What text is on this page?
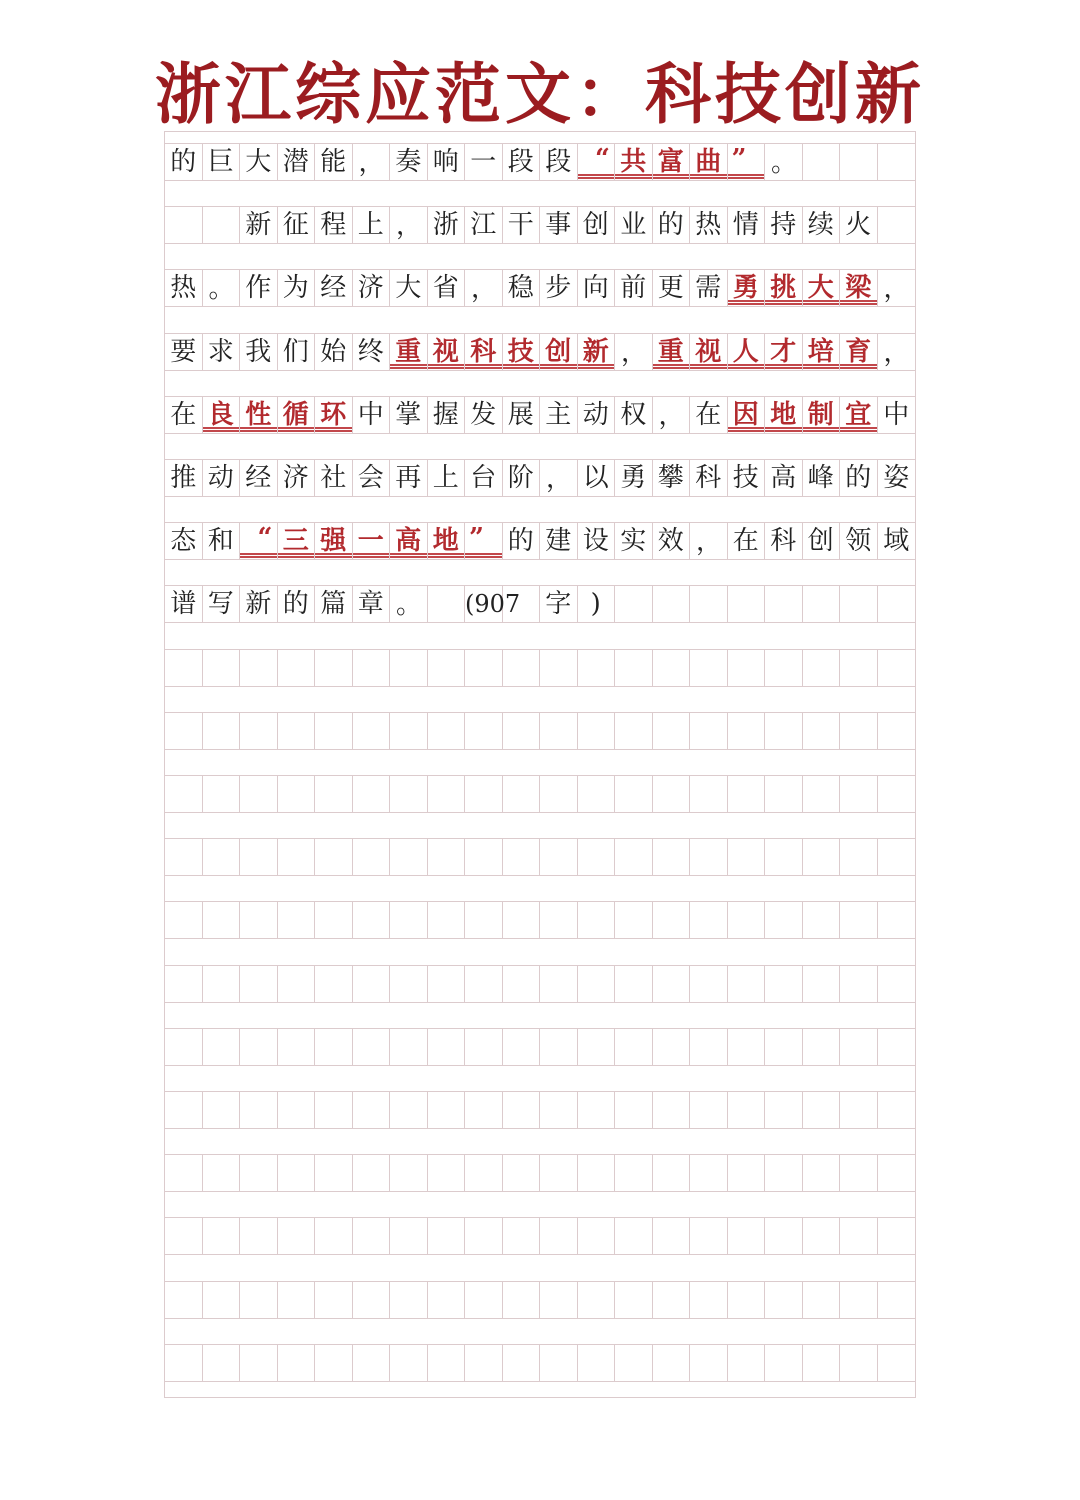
浙江综应范文：科技创新
的 巨 大 潜 能 ， 奏 响 一 段 段 “ 共 富 曲 ” 。
新 征 程 上 ， 浙 江 干 事 创 业 的 热 情 持 续 火
热 。 作 为 经 济 大 省 ， 稳 步 向 前 更 需 勇 挑 大 梁 ，
要 求 我 们 始 终 重 视 科 技 创 新 ， 重 视 人 才 培 育 ，
在 良 性 循 环 中 掌 握 发 展 主 动 权 ， 在 因 地 制 宜 中
推 动 经 济 社 会 再 上 台 阶 ， 以 勇 攀 科 技 高 峰 的 姿
态 和 “ 三 强 一 高 地 ” 的 建 设 实 效 ， 在 科 创 领 域
谱 写 新 的 篇 章 。 (907 字 )
